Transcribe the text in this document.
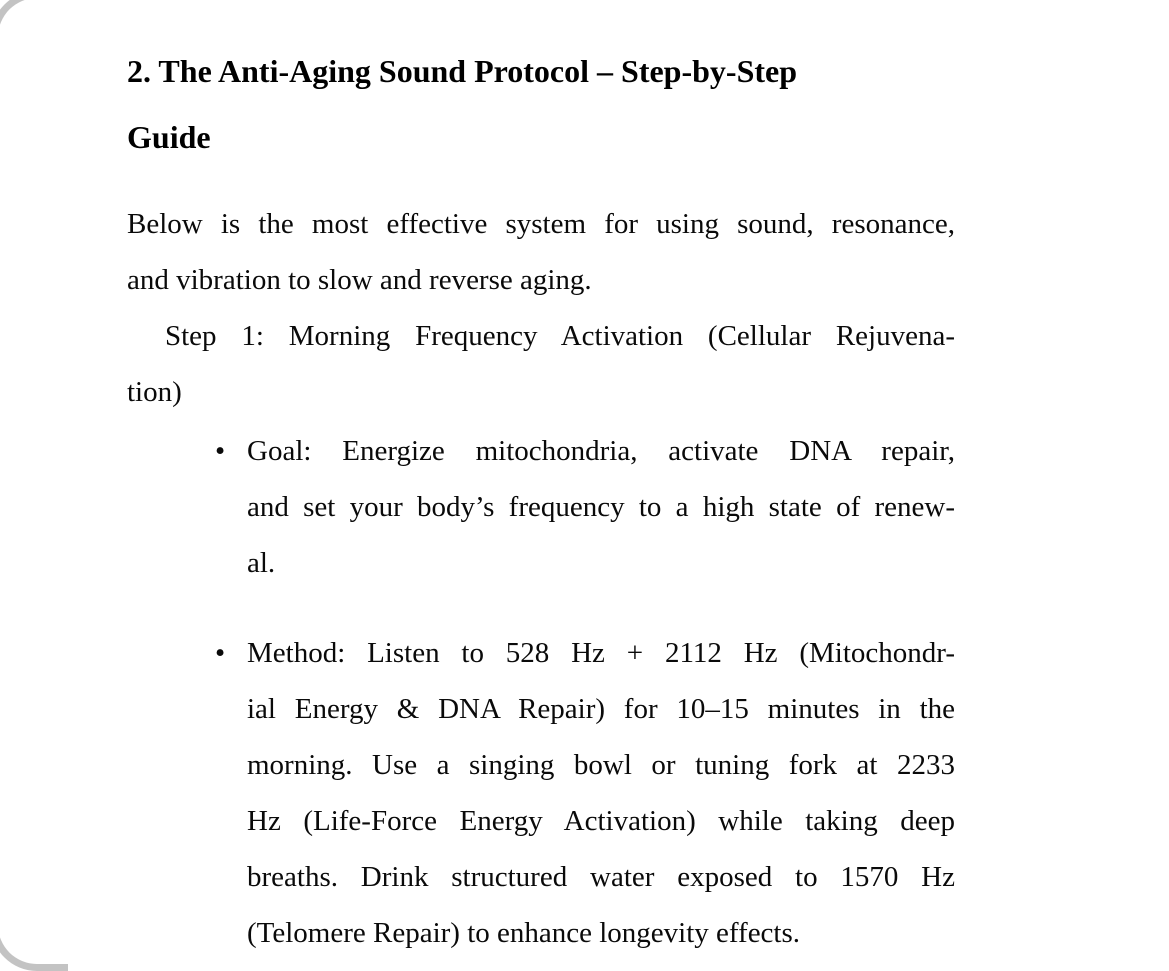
2. The Anti-Aging Sound Protocol – Step-by-Step
Guide
Below is the most effective system for using sound, resonance,
and vibration to slow and reverse aging.
Step 1: Morning Frequency Activation (Cellular Rejuvena-
tion)
• Goal: Energize mitochondria, activate DNA repair,
and set your body’s frequency to a high state of renew-
al.
• Method: Listen to 528 Hz + 2112 Hz (Mitochondr-
ial Energy & DNA Repair) for 10–15 minutes in the
morning. Use a singing bowl or tuning fork at 2233
Hz (Life-Force Energy Activation) while taking deep
breaths. Drink structured water exposed to 1570 Hz
(Telomere Repair) to enhance longevity effects.
